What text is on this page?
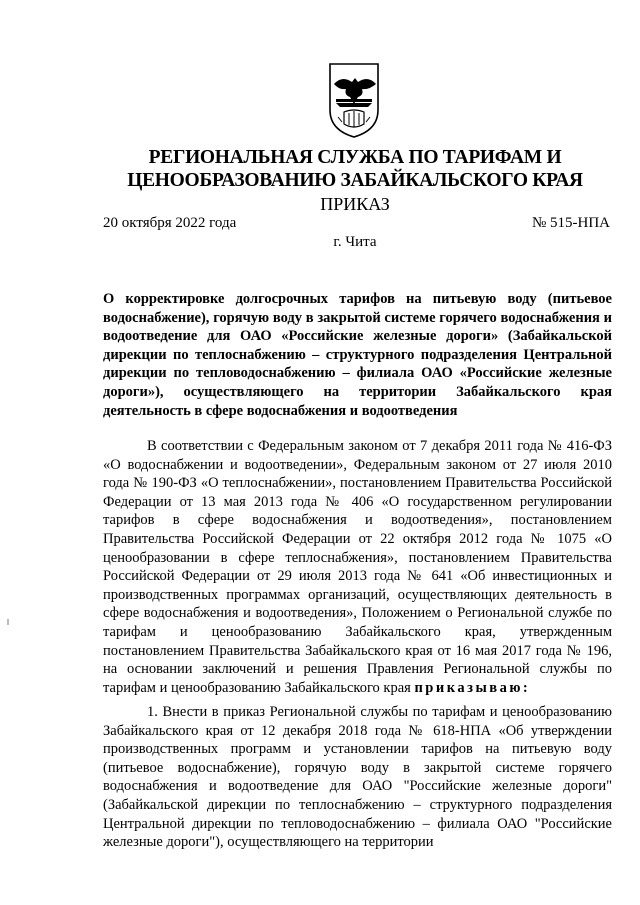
РЕГИОНАЛЬНАЯ СЛУЖБА ПО ТАРИФАМ И
ЦЕНООБРАЗОВАНИЮ ЗАБАЙКАЛЬСКОГО КРАЯ
ПРИКАЗ
20 октября 2022 года	№ 515-НПА
г. Чита
О корректировке долгосрочных тарифов на питьевую воду (питьевое водоснабжение), горячую воду в закрытой системе горячего водоснабжения и водоотведение для ОАО «Российские железные дороги» (Забайкальской дирекции по теплоснабжению – структурного подразделения Центральной дирекции по тепловодоснабжению – филиала ОАО «Российские железные дороги»), осуществляющего на территории Забайкальского края деятельность в сфере водоснабжения и водоотведения
В соответствии с Федеральным законом от 7 декабря 2011 года № 416-ФЗ «О водоснабжении и водоотведении», Федеральным законом от 27 июля 2010 года № 190-ФЗ «О теплоснабжении», постановлением Правительства Российской Федерации от 13 мая 2013 года № 406 «О государственном регулировании тарифов в сфере водоснабжения и водоотведения», постановлением Правительства Российской Федерации от 22 октября 2012 года № 1075 «О ценообразовании в сфере теплоснабжения», постановлением Правительства Российской Федерации от 29 июля 2013 года № 641 «Об инвестиционных и производственных программах организаций, осуществляющих деятельность в сфере водоснабжения и водоотведения», Положением о Региональной службе по тарифам и ценообразованию Забайкальского края, утвержденным постановлением Правительства Забайкальского края от 16 мая 2017 года № 196, на основании заключений и решения Правления Региональной службы по тарифам и ценообразованию Забайкальского края приказываю:
1. Внести в приказ Региональной службы по тарифам и ценообразованию Забайкальского края от 12 декабря 2018 года № 618-НПА «Об утверждении производственных программ и установлении тарифов на питьевую воду (питьевое водоснабжение), горячую воду в закрытой системе горячего водоснабжения и водоотведение для ОАО "Российские железные дороги" (Забайкальской дирекции по теплоснабжению – структурного подразделения Центральной дирекции по тепловодоснабжению – филиала ОАО "Российские железные дороги"), осуществляющего на территории
